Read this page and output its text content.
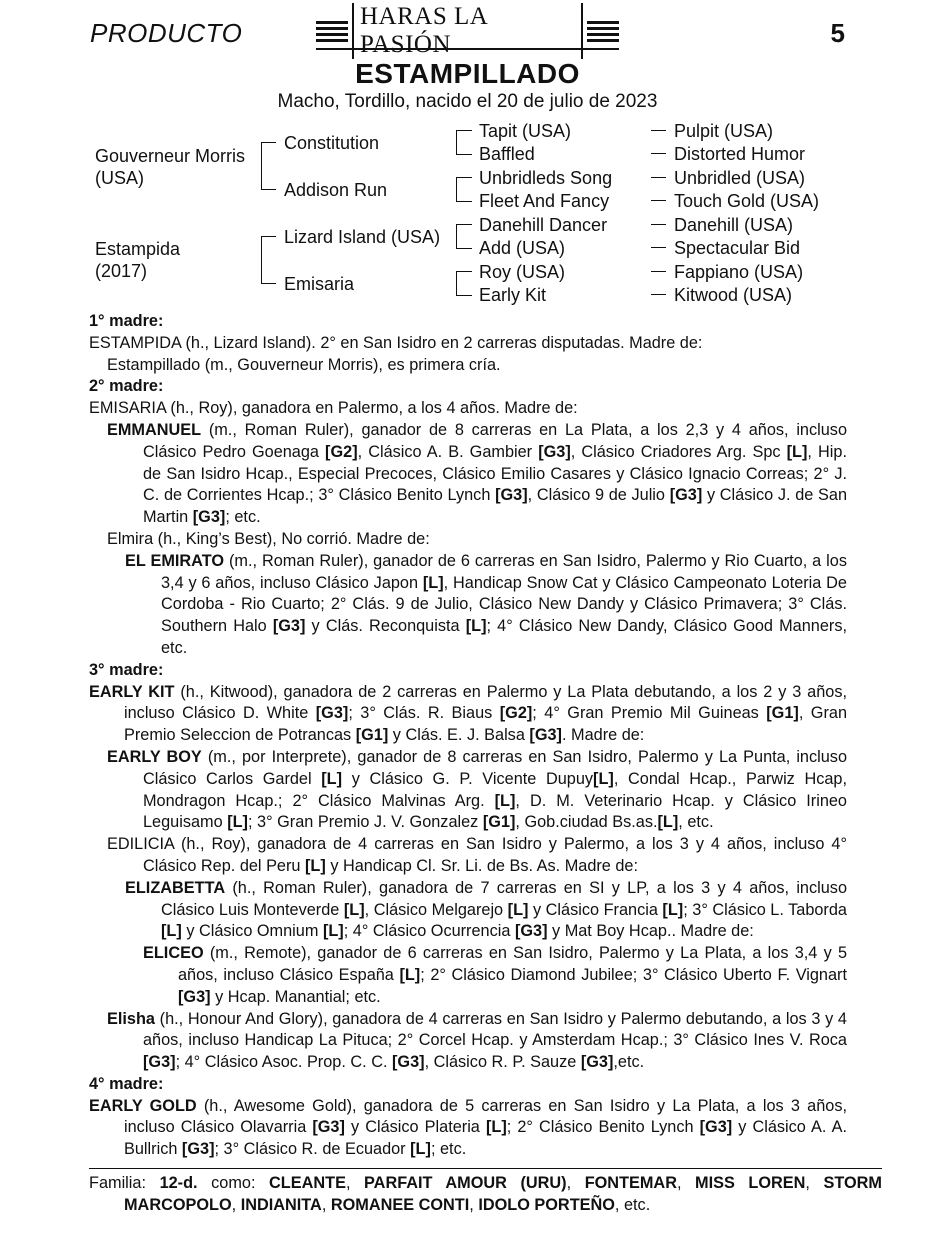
PRODUCTO
HARAS LA PASIÓN	5
ESTAMPILLADO
Macho, Tordillo, nacido el 20 de julio de 2023
Gouverneur Morris (USA)
Estampida (2017)
Constitution
Addison Run
Lizard Island (USA)
Emisaria
Tapit (USA)
Baffled
Unbridleds Song
Fleet And Fancy
Danehill Dancer
Add (USA)
Roy (USA)
Early Kit
Pulpit (USA)
Distorted Humor
Unbridled (USA)
Touch Gold (USA)
Danehill (USA)
Spectacular Bid
Fappiano (USA)
Kitwood (USA)

1° madre:

ESTAMPIDA (h., Lizard Island). 2° en San Isidro en 2 carreras disputadas. Madre de:

Estampillado (m., Gouverneur Morris), es primera cría.

2° madre:

EMISARIA (h., Roy), ganadora en Palermo, a los 4 años. Madre de:

EMMANUEL (m., Roman Ruler), ganador de 8 carreras en La Plata, a los 2,3 y 4 años, incluso Clásico Pedro Goenaga [G2], Clásico A. B. Gambier [G3], Clásico Criadores Arg. Spc [L], Hip. de San Isidro Hcap., Especial Precoces, Clásico Emilio Casares y Clásico Ignacio Correas; 2° J. C. de Corrientes Hcap.; 3° Clásico Benito Lynch [G3], Clásico 9 de Julio [G3] y Clásico J. de San Martin [G3]; etc.

Elmira (h., King’s Best), No corrió. Madre de:

EL EMIRATO (m., Roman Ruler), ganador de 6 carreras en San Isidro, Palermo y Rio Cuarto, a los 3,4 y 6 años, incluso Clásico Japon [L], Handicap Snow Cat y Clásico Campeonato Loteria De Cordoba - Rio Cuarto; 2° Clás. 9 de Julio, Clásico New Dandy y Clásico Primavera; 3° Clás. Southern Halo [G3] y Clás. Reconquista [L]; 4° Clásico New Dandy, Clásico Good Manners, etc.

3° madre:

EARLY KIT (h., Kitwood), ganadora de 2 carreras en Palermo y La Plata debutando, a los 2 y 3 años, incluso Clásico D. White [G3]; 3° Clás. R. Biaus [G2]; 4° Gran Premio Mil Guineas [G1], Gran Premio Seleccion de Potrancas [G1] y Clás. E. J. Balsa [G3]. Madre de:

EARLY BOY (m., por Interprete), ganador de 8 carreras en San Isidro, Palermo y La Punta, incluso Clásico Carlos Gardel [L] y Clásico G. P. Vicente Dupuy[L], Condal Hcap., Parwiz Hcap, Mondragon Hcap.; 2° Clásico Malvinas Arg. [L], D. M. Veterinario Hcap. y Clásico Irineo Leguisamo [L]; 3° Gran Premio J. V. Gonzalez [G1], Gob.ciudad Bs.as.[L], etc.

EDILICIA (h., Roy), ganadora de 4 carreras en San Isidro y Palermo, a los 3 y 4 años, incluso 4° Clásico Rep. del Peru [L] y Handicap Cl. Sr. Li. de Bs. As. Madre de:

ELIZABETTA (h., Roman Ruler), ganadora de 7 carreras en SI y LP, a los 3 y 4 años, incluso Clásico Luis Monteverde [L], Clásico Melgarejo [L] y Clásico Francia [L]; 3° Clásico L. Taborda [L] y Clásico Omnium [L]; 4° Clásico Ocurrencia [G3] y Mat Boy Hcap.. Madre de:

ELICEO (m., Remote), ganador de 6 carreras en San Isidro, Palermo y La Plata, a los 3,4 y 5 años, incluso Clásico España [L]; 2° Clásico Diamond Jubilee; 3° Clásico Uberto F. Vignart [G3] y Hcap. Manantial; etc.

Elisha (h., Honour And Glory), ganadora de 4 carreras en San Isidro y Palermo debutando, a los 3 y 4 años, incluso Handicap La Pituca; 2° Corcel Hcap. y Amsterdam Hcap.; 3° Clásico Ines V. Roca [G3]; 4° Clásico Asoc. Prop. C. C. [G3], Clásico R. P. Sauze [G3],etc.

4° madre:

EARLY GOLD (h., Awesome Gold), ganadora de 5 carreras en San Isidro y La Plata, a los 3 años, incluso Clásico Olavarria [G3] y Clásico Plateria [L]; 2° Clásico Benito Lynch [G3] y Clásico A. A. Bullrich [G3]; 3° Clásico R. de Ecuador [L]; etc.

Familia: 12-d. como: CLEANTE, PARFAIT AMOUR (URU), FONTEMAR, MISS LOREN, STORM MARCOPOLO, INDIANITA, ROMANEE CONTI, IDOLO PORTEÑO, etc.
